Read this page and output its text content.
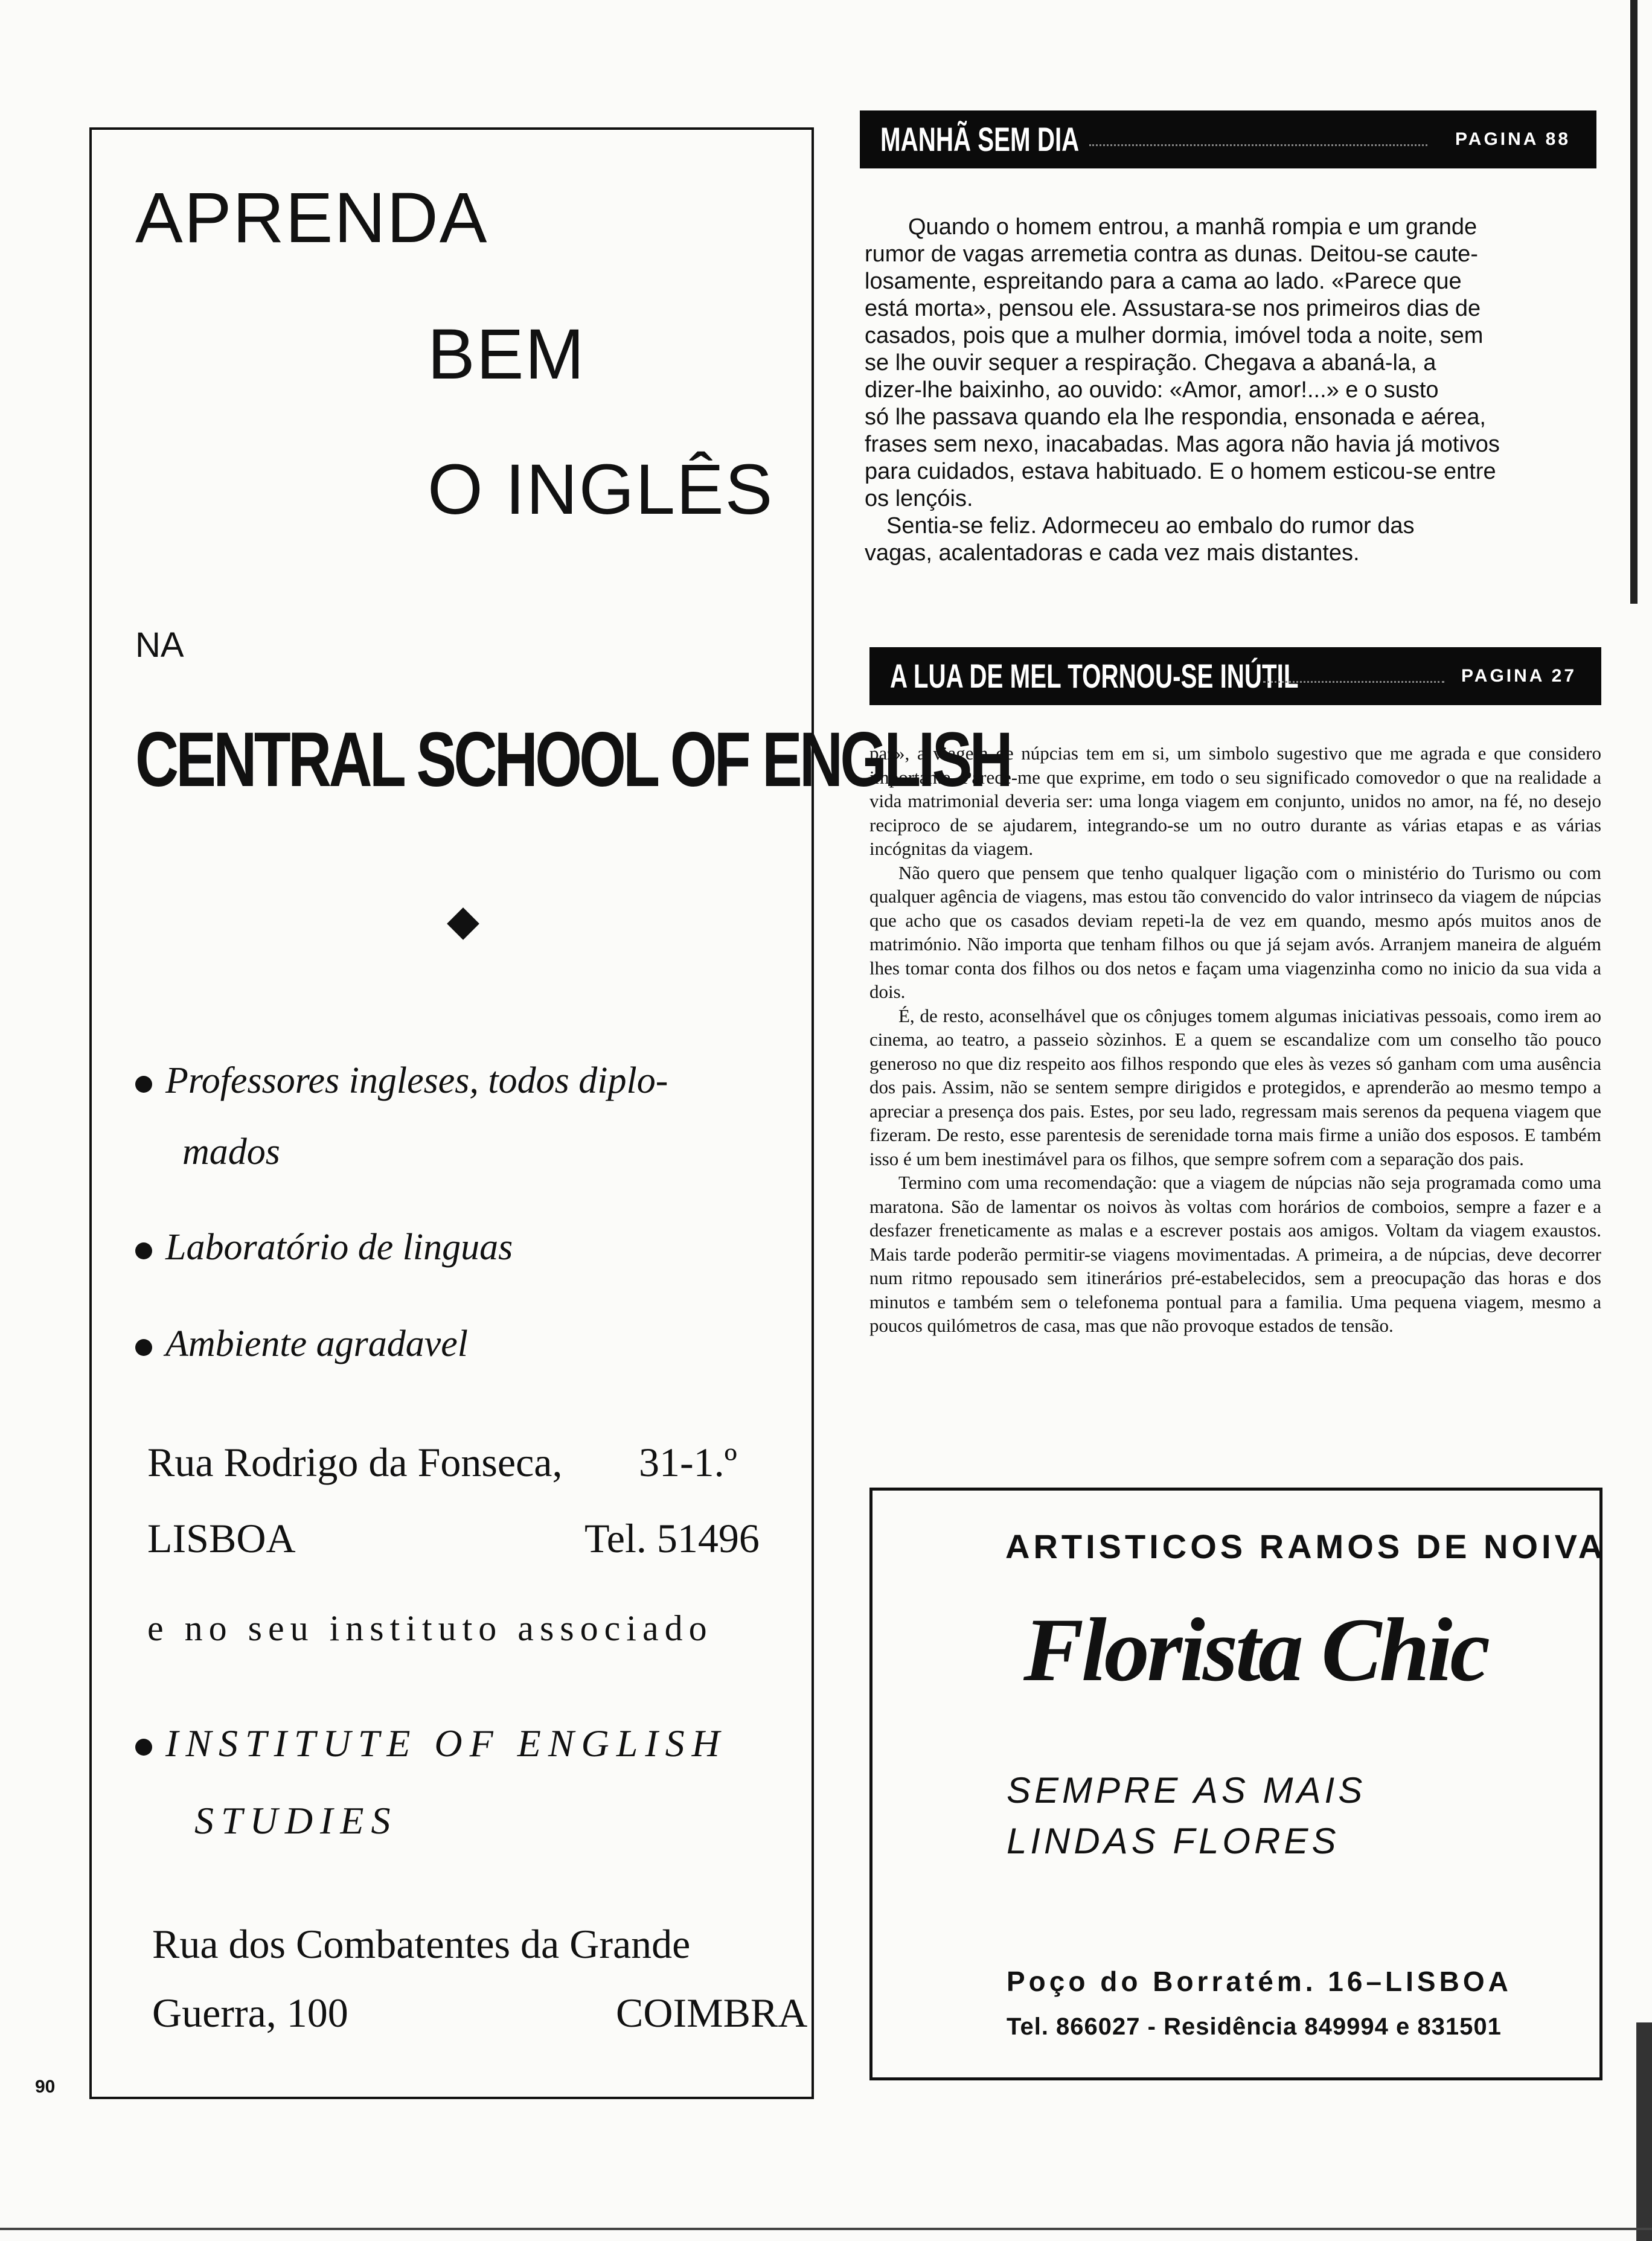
APRENDA
BEM
O INGLÊS
NA
CENTRAL SCHOOL OF ENGLISH
Professores ingleses, todos diplo-
mados
Laboratório de linguas
Ambiente agradavel
Rua Rodrigo da Fonseca, 31-1.º
LISBOA	Tel. 51496
e no seu instituto associado
INSTITUTE OF ENGLISH
STUDIES
Rua dos Combatentes da Grande
Guerra, 100	COIMBRA
90
MANHÃ SEM DIA	PAGINA 88
Quando o homem entrou, a manhã rompia e um grande
rumor de vagas arremetia contra as dunas. Deitou-se caute-
losamente, espreitando para a cama ao lado. «Parece que
está morta», pensou ele. Assustara-se nos primeiros dias de
casados, pois que a mulher dormia, imóvel toda a noite, sem
se lhe ouvir sequer a respiração. Chegava a abaná-la, a
dizer-lhe baixinho, ao ouvido: «Amor, amor!...» e o susto
só lhe passava quando ela lhe respondia, ensonada e aérea,
frases sem nexo, inacabadas. Mas agora não havia já motivos
para cuidados, estava habituado. E o homem esticou-se entre
os lençóis.
Sentia-se feliz. Adormeceu ao embalo do rumor das
vagas, acalentadoras e cada vez mais distantes.
A LUA DE MEL TORNOU-SE INÚTIL	PAGINA 27

paz», a viagem de núpcias tem em si, um simbolo sugestivo que me agrada e que considero importante. Parece-me que exprime, em todo o seu significado comovedor o que na realidade a vida matrimonial deveria ser: uma longa viagem em conjunto, unidos no amor, na fé, no desejo reciproco de se ajudarem, integrando-se um no outro durante as várias etapas e as várias incógnitas da viagem.

Não quero que pensem que tenho qualquer ligação com o ministério do Turismo ou com qualquer agência de viagens, mas estou tão convencido do valor intrinseco da viagem de núpcias que acho que os casados deviam repeti-la de vez em quando, mesmo após muitos anos de matrimónio. Não importa que tenham filhos ou que já sejam avós. Arranjem maneira de alguém lhes tomar conta dos filhos ou dos netos e façam uma viagenzinha como no inicio da sua vida a dois.

É, de resto, aconselhável que os cônjuges tomem algumas iniciativas pessoais, como irem ao cinema, ao teatro, a passeio sòzinhos. E a quem se escandalize com um conselho tão pouco generoso no que diz respeito aos filhos respondo que eles às vezes só ganham com uma ausência dos pais. Assim, não se sentem sempre dirigidos e protegidos, e aprenderão ao mesmo tempo a apreciar a presença dos pais. Estes, por seu lado, regressam mais serenos da pequena viagem que fizeram. De resto, esse parentesis de serenidade torna mais firme a união dos esposos. E também isso é um bem inestimável para os filhos, que sempre sofrem com a separação dos pais.

Termino com uma recomendação: que a viagem de núpcias não seja programada como uma maratona. São de lamentar os noivos às voltas com horários de comboios, sempre a fazer e a desfazer freneticamente as malas e a escrever postais aos amigos. Voltam da viagem exaustos. Mais tarde poderão permitir-se viagens movimentadas. A primeira, a de núpcias, deve decorrer num ritmo repousado sem itinerários pré-estabelecidos, sem a preocupação das horas e dos minutos e também sem o telefonema pontual para a familia. Uma pequena viagem, mesmo a poucos quilómetros de casa, mas que não provoque estados de tensão.

ARTISTICOS RAMOS DE NOIVA
Florista Chic
SEMPRE AS MAIS
LINDAS FLORES
Poço do Borratém. 16–LISBOA
Tel. 866027 - Residência 849994 e 831501
